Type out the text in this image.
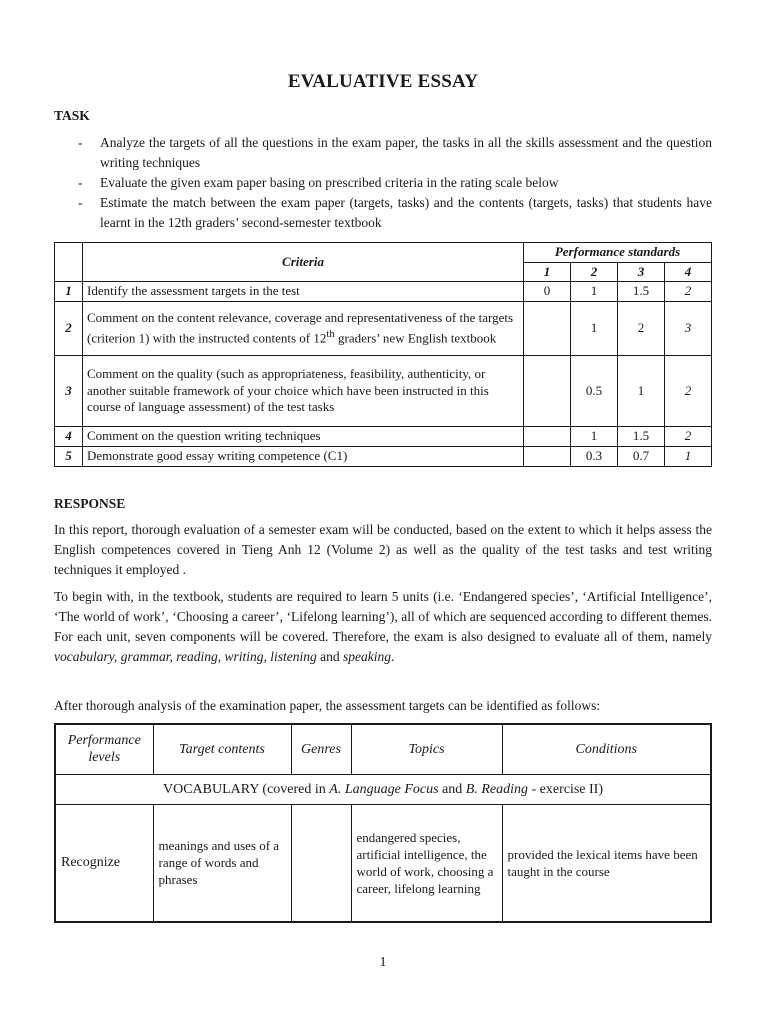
EVALUATIVE ESSAY
TASK
- Analyze the targets of all the questions in the exam paper, the tasks in all the skills assessment and the question writing techniques
- Evaluate the given exam paper basing on prescribed criteria in the rating scale below
- Estimate the match between the exam paper (targets, tasks) and the contents (targets, tasks) that students have learnt in the 12th graders’ second-semester textbook
	Criteria	Performance standards			
		1	2	3	4
1	Identify the assessment targets in the test	0	1	1.5	2
2	Comment on the content relevance, coverage and representativeness of the targets (criterion 1) with the instructed contents of 12th graders’ new English textbook		1	2	3
3	Comment on the quality (such as appropriateness, feasibility, authenticity, or another suitable framework of your choice which have been instructed in this course of language assessment) of the test tasks		0.5	1	2
4	Comment on the question writing techniques		1	1.5	2
5	Demonstrate good essay writing competence (C1)		0.3	0.7	1
RESPONSE

In this report, thorough evaluation of a semester exam will be conducted, based on the extent to which it helps assess the English competences covered in Tieng Anh 12 (Volume 2) as well as the quality of the test tasks and test writing techniques it employed .

To begin with, in the textbook, students are required to learn 5 units (i.e. ‘Endangered species’, ‘Artificial Intelligence’, ‘The world of work’, ‘Choosing a career’, ‘Lifelong learning’), all of which are sequenced according to different themes. For each unit, seven components will be covered. Therefore, the exam is also designed to evaluate all of them, namely vocabulary, grammar, reading, writing, listening and speaking.

After thorough analysis of the examination paper, the assessment targets can be identified as follows:

Performance levels	Target contents	Genres	Topics	Conditions
VOCABULARY (covered in A. Language Focus and B. Reading - exercise II)				
Recognize	meanings and uses of a range of words and phrases		endangered species, artificial intelligence, the world of work, choosing a career, lifelong learning	provided the lexical items have been taught in the course
1
